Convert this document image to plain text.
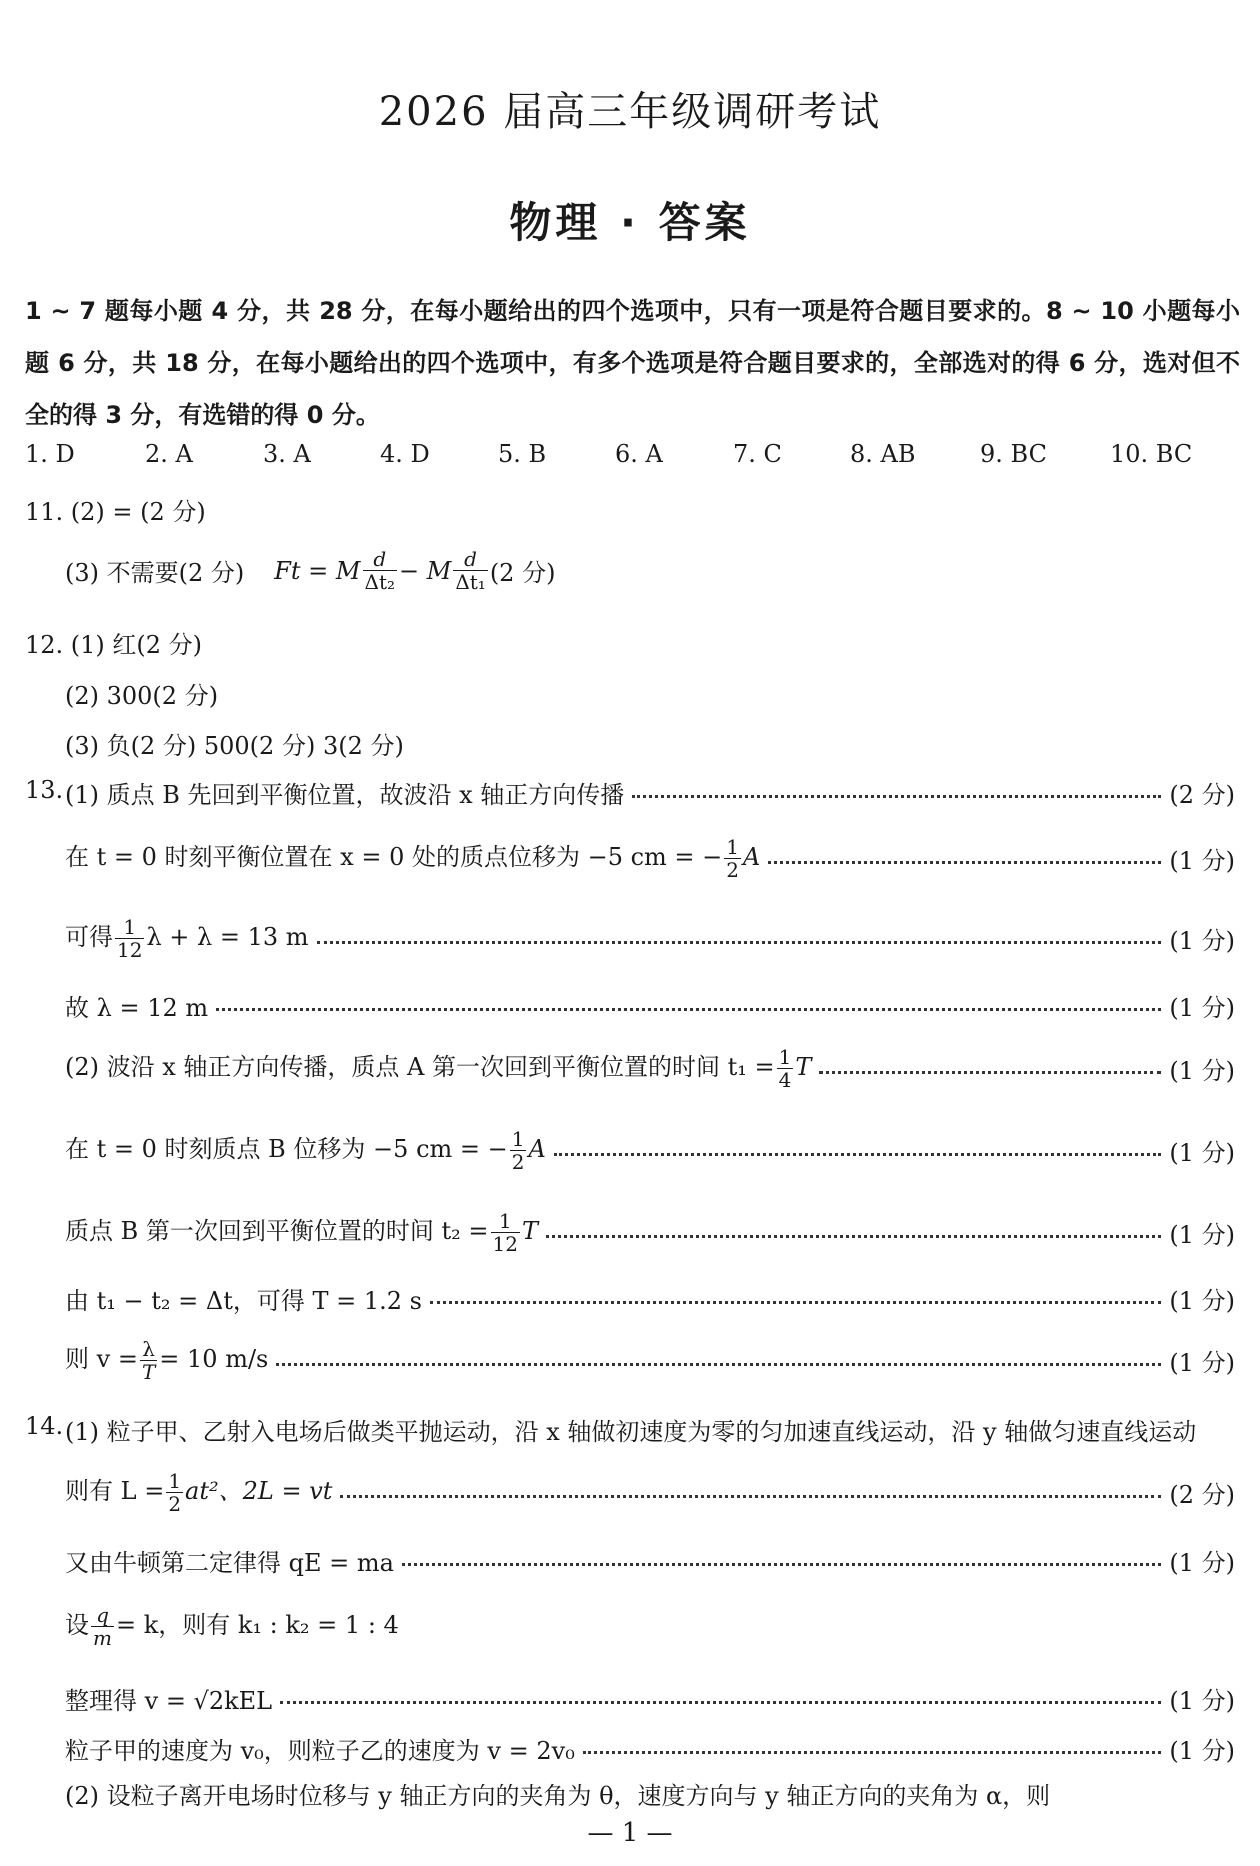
2026 届高三年级调研考试
物理 · 答案
1 ~ 7 题每小题 4 分，共 28 分，在每小题给出的四个选项中，只有一项是符合题目要求的。8 ~ 10 小题每小题 6 分，共 18 分，在每小题给出的四个选项中，有多个选项是符合题目要求的，全部选对的得 6 分，选对但不全的得 3 分，有选错的得 0 分。
1. D	2. A	3. A	4. D	5. B	6. A	7. C	8. AB	9. BC	10. BC
11. (2) = (2 分)
(3) 不需要(2 分) Ft = M $\frac{d}{\text{Δt₂}} - M \frac{d}{\text{Δt₁}} (2$ 分)
12. (1) 红(2 分)
(2) 300(2 分)
(3) 负(2 分) 500(2 分) 3(2 分)
13. (1) 质点 B 先回到平衡位置，故波沿 x 轴正方向传播	(2 分)
在 t = 0 时刻平衡位置在 x = 0 处的质点位移为 −5 cm = − $\frac{1}{2}$ A	(1 分)
可得 $\frac{1}{12}$ λ + λ = 13 m	(1 分)
故 λ = 12 m	(1 分)
(2) 波沿 x 轴正方向传播，质点 A 第一次回到平衡位置的时间 $t_1 = \frac{1}{4}$ T	(1 分)
在 t = 0 时刻质点 B 位移为 −5 cm = − $\frac{1}{2}$ A	(1 分)
质点 B 第一次回到平衡位置的时间 $t_2 = \frac{1}{12}$ T	(1 分)
由 t₁ − t₂ = Δt，可得 T = 1.2 s	(1 分)
则 $v = \frac{\lambda}{T} = 10$ m/s	(1 分)
14. (1) 粒子甲、乙射入电场后做类平抛运动，沿 x 轴做初速度为零的匀加速直线运动，沿 y 轴做匀速直线运动
则有 $L = \frac{1}{2} at^2$、2L = vt	(2 分)
又由牛顿第二定律得 qE = ma	(1 分)
设 $\frac{q}{m} = k$，则有 k₁ : k₂ = 1 : 4
整理得 v = √2kEL	(1 分)
粒子甲的速度为 v₀，则粒子乙的速度为 v = 2v₀	(1 分)
(2) 设粒子离开电场时位移与 y 轴正方向的夹角为 θ，速度方向与 y 轴正方向的夹角为 α，则
— 1 —
